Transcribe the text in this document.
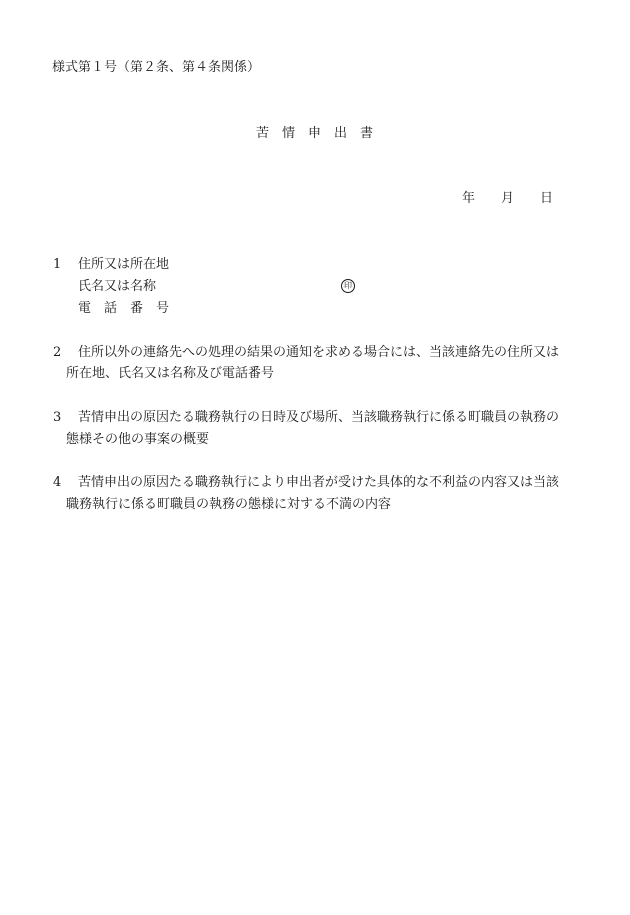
様式第１号（第２条、第４条関係）
苦　情　申　出　書
年　　月　　日
1 住所又は所在地
氏名又は名称	印
電　話　番　号
2 住所以外の連絡先への処理の結果の通知を求める場合には、当該連絡先の住所又は
所在地、氏名又は名称及び電話番号
3 苦情申出の原因たる職務執行の日時及び場所、当該職務執行に係る町職員の執務の
態様その他の事案の概要
4 苦情申出の原因たる職務執行により申出者が受けた具体的な不利益の内容又は当該
職務執行に係る町職員の執務の態様に対する不満の内容
